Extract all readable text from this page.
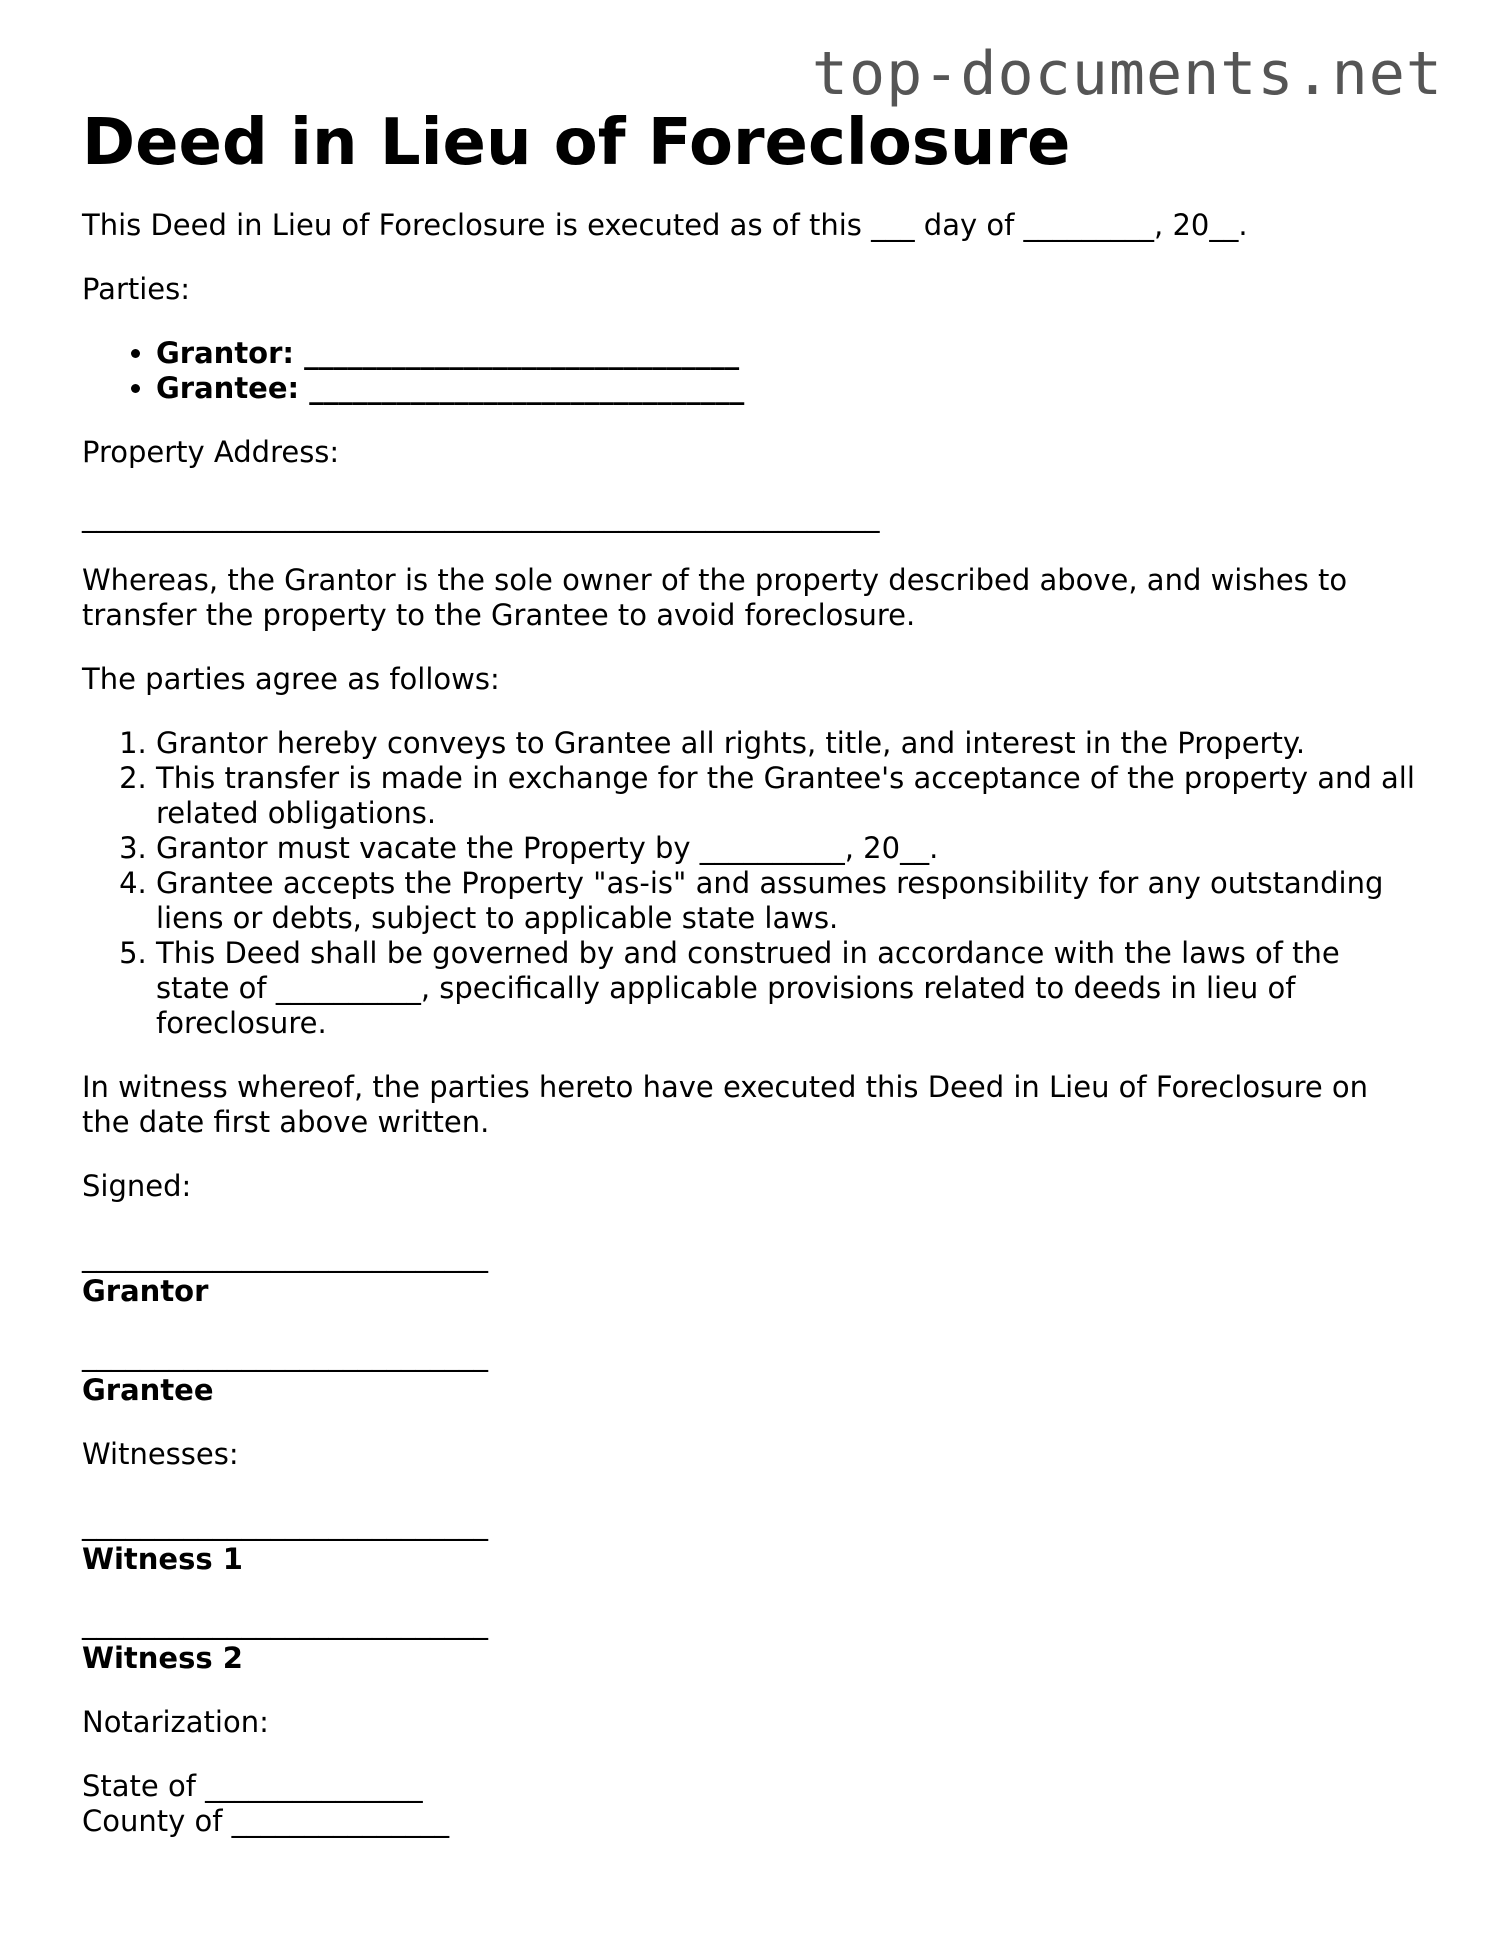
top-documents.net
Deed in Lieu of Foreclosure

This Deed in Lieu of Foreclosure is executed as of this ___ day of _________, 20__.

Parties:

• Grantor: ______________________________
• Grantee: ______________________________

Property Address:

_______________________________________________________

Whereas, the Grantor is the sole owner of the property described above, and wishes to transfer the property to the Grantee to avoid foreclosure.

The parties agree as follows:

1. Grantor hereby conveys to Grantee all rights, title, and interest in the Property.
2. This transfer is made in exchange for the Grantee's acceptance of the property and all related obligations.
3. Grantor must vacate the Property by __________, 20__.
4. Grantee accepts the Property "as-is" and assumes responsibility for any outstanding liens or debts, subject to applicable state laws.
5. This Deed shall be governed by and construed in accordance with the laws of the state of __________, specifically applicable provisions related to deeds in lieu of foreclosure.

In witness whereof, the parties hereto have executed this Deed in Lieu of Foreclosure on the date first above written.

Signed:

____________________________
Grantor
____________________________
Grantee

Witnesses:

____________________________
Witness 1
____________________________
Witness 2

Notarization:

State of _______________
County of _______________
